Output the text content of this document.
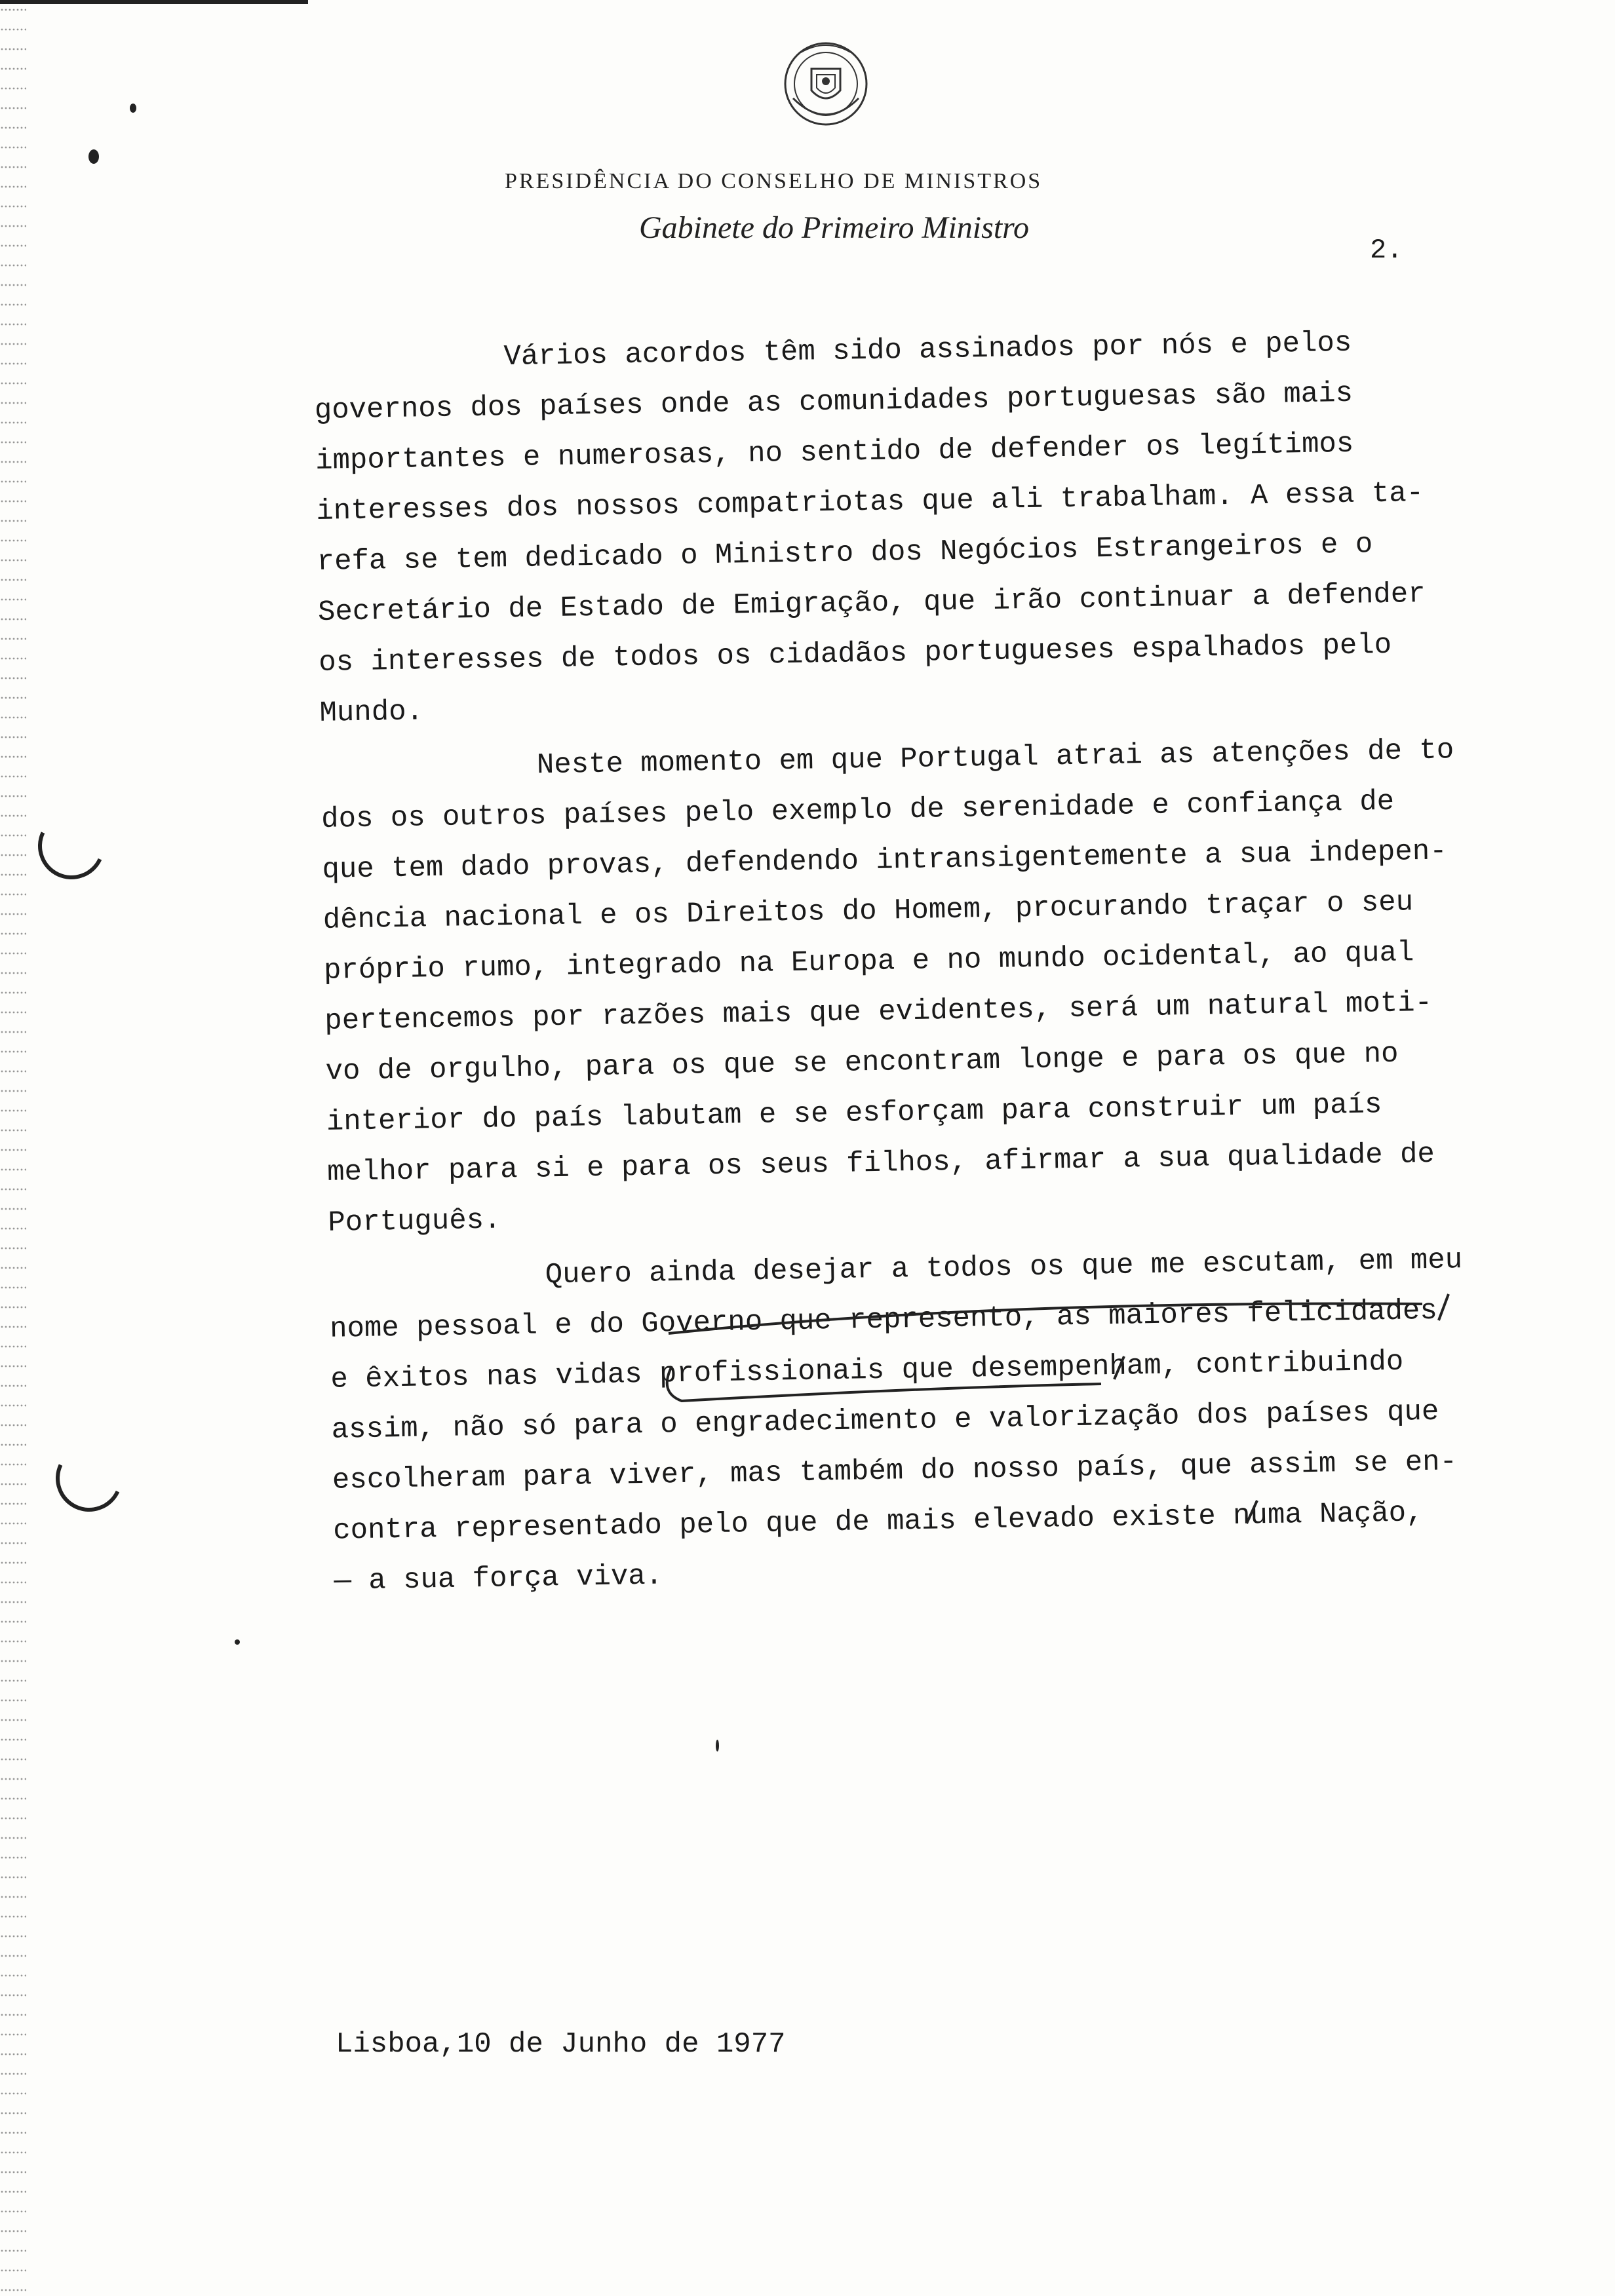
PRESIDÊNCIA DO CONSELHO DE MINISTROS
Gabinete do Primeiro Ministro
2.
Vários acordos têm sido assinados por nós e pelos
governos dos países onde as comunidades portuguesas são mais
importantes e numerosas, no sentido de defender os legítimos
interesses dos nossos compatriotas que ali trabalham. A essa ta-
refa se tem dedicado o Ministro dos Negócios Estrangeiros e o
Secretário de Estado de Emigração, que irão continuar a defender
os interesses de todos os cidadãos portugueses espalhados pelo
Mundo.
Neste momento em que Portugal atrai as atenções de to
dos os outros países pelo exemplo de serenidade e confiança de
que tem dado provas, defendendo intransigentemente a sua indepen-
dência nacional e os Direitos do Homem, procurando traçar o seu
próprio rumo, integrado na Europa e no mundo ocidental, ao qual
pertencemos por razões mais que evidentes, será um natural moti-
vo de orgulho, para os que se encontram longe e para os que no
interior do país labutam e se esforçam para construir um país
melhor para si e para os seus filhos, afirmar a sua qualidade de
Português.
Quero ainda desejar a todos os que me escutam, em meu
nome pessoal e do Governo que represento, as maiores felicidades
e êxitos nas vidas profissionais que desempenham, contribuindo
assim, não só para o engradecimento e valorização dos países que
escolheram para viver, mas também do nosso país, que assim se en-
contra representado pelo que de mais elevado existe numa Nação,
— a sua força viva.
Lisboa,10 de Junho de 1977
